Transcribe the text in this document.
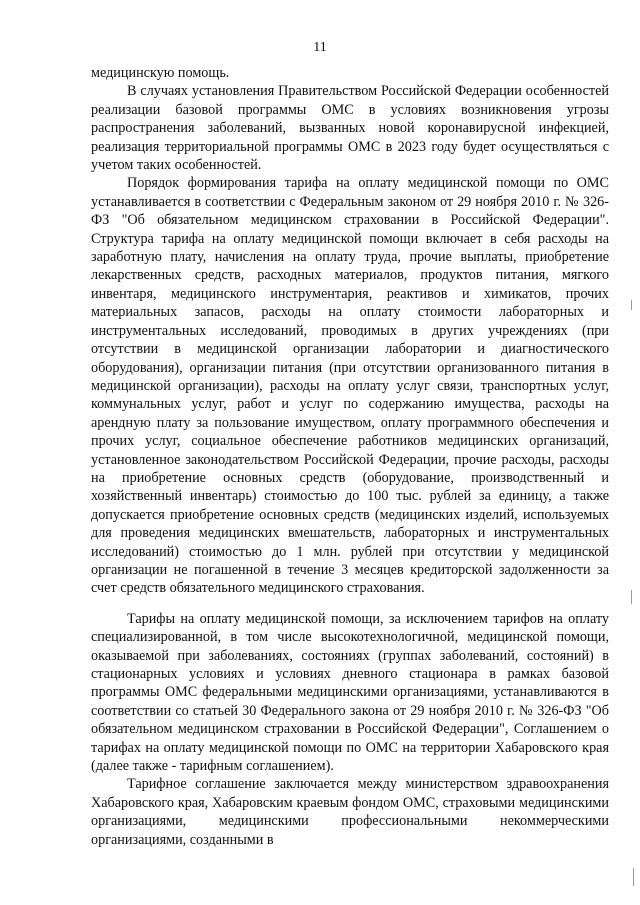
11

медицинскую помощь.

В случаях установления Правительством Российской Федерации особенностей реализации базовой программы ОМС в условиях возникновения угрозы распространения заболеваний, вызванных новой коронавирусной инфекцией, реализация территориальной программы ОМС в 2023 году будет осуществляться с учетом таких особенностей.

Порядок формирования тарифа на оплату медицинской помощи по ОМС устанавливается в соответствии с Федеральным законом от 29 ноября 2010 г. № 326-ФЗ "Об обязательном медицинском страховании в Российской Федерации". Структура тарифа на оплату медицинской помощи включает в себя расходы на заработную плату, начисления на оплату труда, прочие выплаты, приобретение лекарственных средств, расходных материалов, продуктов питания, мягкого инвентаря, медицинского инструментария, реактивов и химикатов, прочих материальных запасов, расходы на оплату стоимости лабораторных и инструментальных исследований, проводимых в других учреждениях (при отсутствии в медицинской организации лаборатории и диагностического оборудования), организации питания (при отсутствии организованного питания в медицинской организации), расходы на оплату услуг связи, транспортных услуг, коммунальных услуг, работ и услуг по содержанию имущества, расходы на арендную плату за пользование имуществом, оплату программного обеспечения и прочих услуг, социальное обеспечение работников медицинских организаций, установленное законодательством Российской Федерации, прочие расходы, расходы на приобретение основных средств (оборудование, производственный и хозяйственный инвентарь) стоимостью до 100 тыс. рублей за единицу, а также допускается приобретение основных средств (медицинских изделий, используемых для проведения медицинских вмешательств, лабораторных и инструментальных исследований) стоимостью до 1 млн. рублей при отсутствии у медицинской организации не погашенной в течение 3 месяцев кредиторской задолженности за счет средств обязательного медицинского страхования.

Тарифы на оплату медицинской помощи, за исключением тарифов на оплату специализированной, в том числе высокотехнологичной, медицинской помощи, оказываемой при заболеваниях, состояниях (группах заболеваний, состояний) в стационарных условиях и условиях дневного стационара в рамках базовой программы ОМС федеральными медицинскими организациями, устанавливаются в соответствии со статьей 30 Федерального закона от 29 ноября 2010 г. № 326-ФЗ "Об обязательном медицинском страховании в Российской Федерации", Соглашением о тарифах на оплату медицинской помощи по ОМС на территории Хабаровского края (далее также - тарифным соглашением).

Тарифное соглашение заключается между министерством здравоохранения Хабаровского края, Хабаровским краевым фондом ОМС, страховыми медицинскими организациями, медицинскими профессиональными некоммерческими организациями, созданными в
